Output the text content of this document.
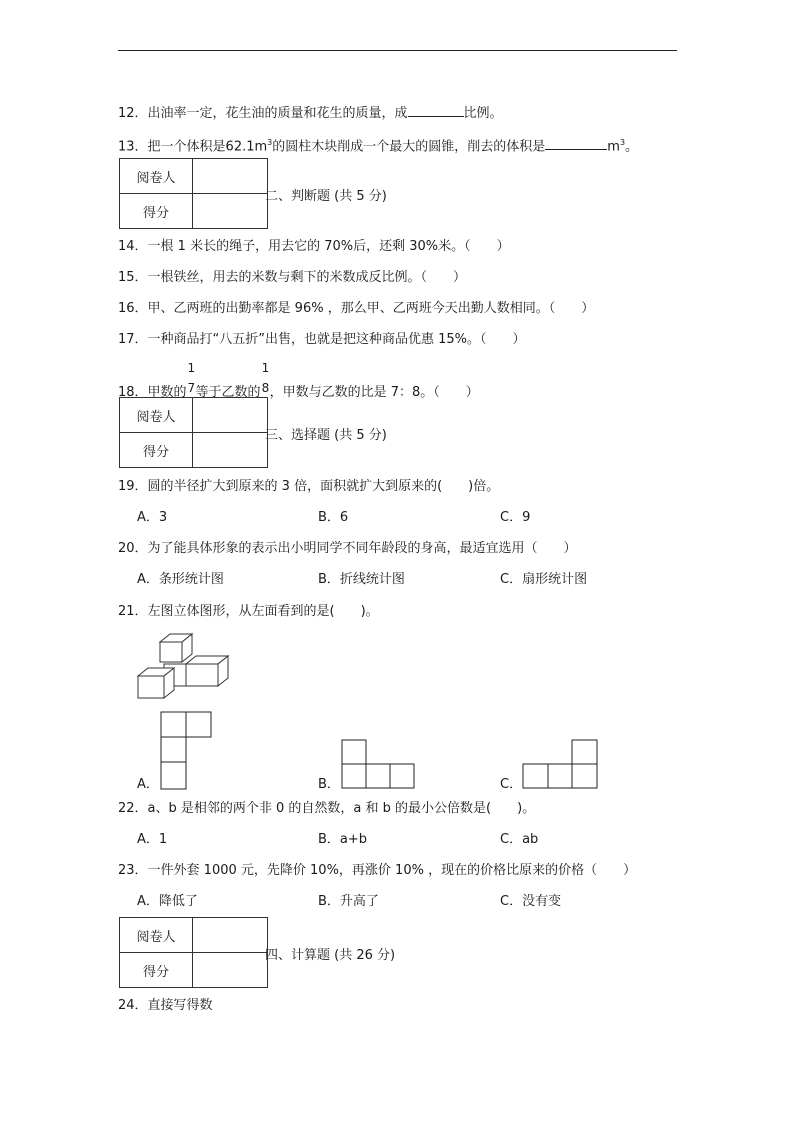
12．出油率一定，花生油的质量和花生的质量，成	比例。
13．把一个体积是$62.1m^3$的圆柱木块削成一个最大的圆锥，削去的体积是	$m^3$。
阅卷人	
得分	
二、判断题 (共 5 分)
14．一根 1 米长的绳子，用去它的 70%后，还剩 30%米。（　　）
15．一根铁丝，用去的米数与剩下的米数成反比例。（　　）
16．甲、乙两班的出勤率都是 96% ，那么甲、乙两班今天出勤人数相同。（　　）
17．一种商品打“八五折”出售，也就是把这种商品优惠 15%。（　　）
18．甲数的
1
7 等于乙数的
1
8 ，甲数与乙数的比是 7：8。（　　）
阅卷人	
得分	
三、选择题 (共 5 分)
19．圆的半径扩大到原来的 3 倍，面积就扩大到原来的(　　)倍。
A．3	B．6	C．9
20．为了能具体形象的表示出小明同学不同年龄段的身高，最适宜选用（　　）
A．条形统计图	B．折线统计图	C．扇形统计图
21．左图立体图形，从左面看到的是(　　)。
A．	B．	C．
22．a、b 是相邻的两个非 0 的自然数，a 和 b 的最小公倍数是(　　)。
A．1	B．a+b	C．ab
23．一件外套 1000 元，先降价 10%，再涨价 10% ，现在的价格比原来的价格（　　）
A．降低了	B．升高了	C．没有变
阅卷人	
得分	
四、计算题 (共 26 分)
24．直接写得数
